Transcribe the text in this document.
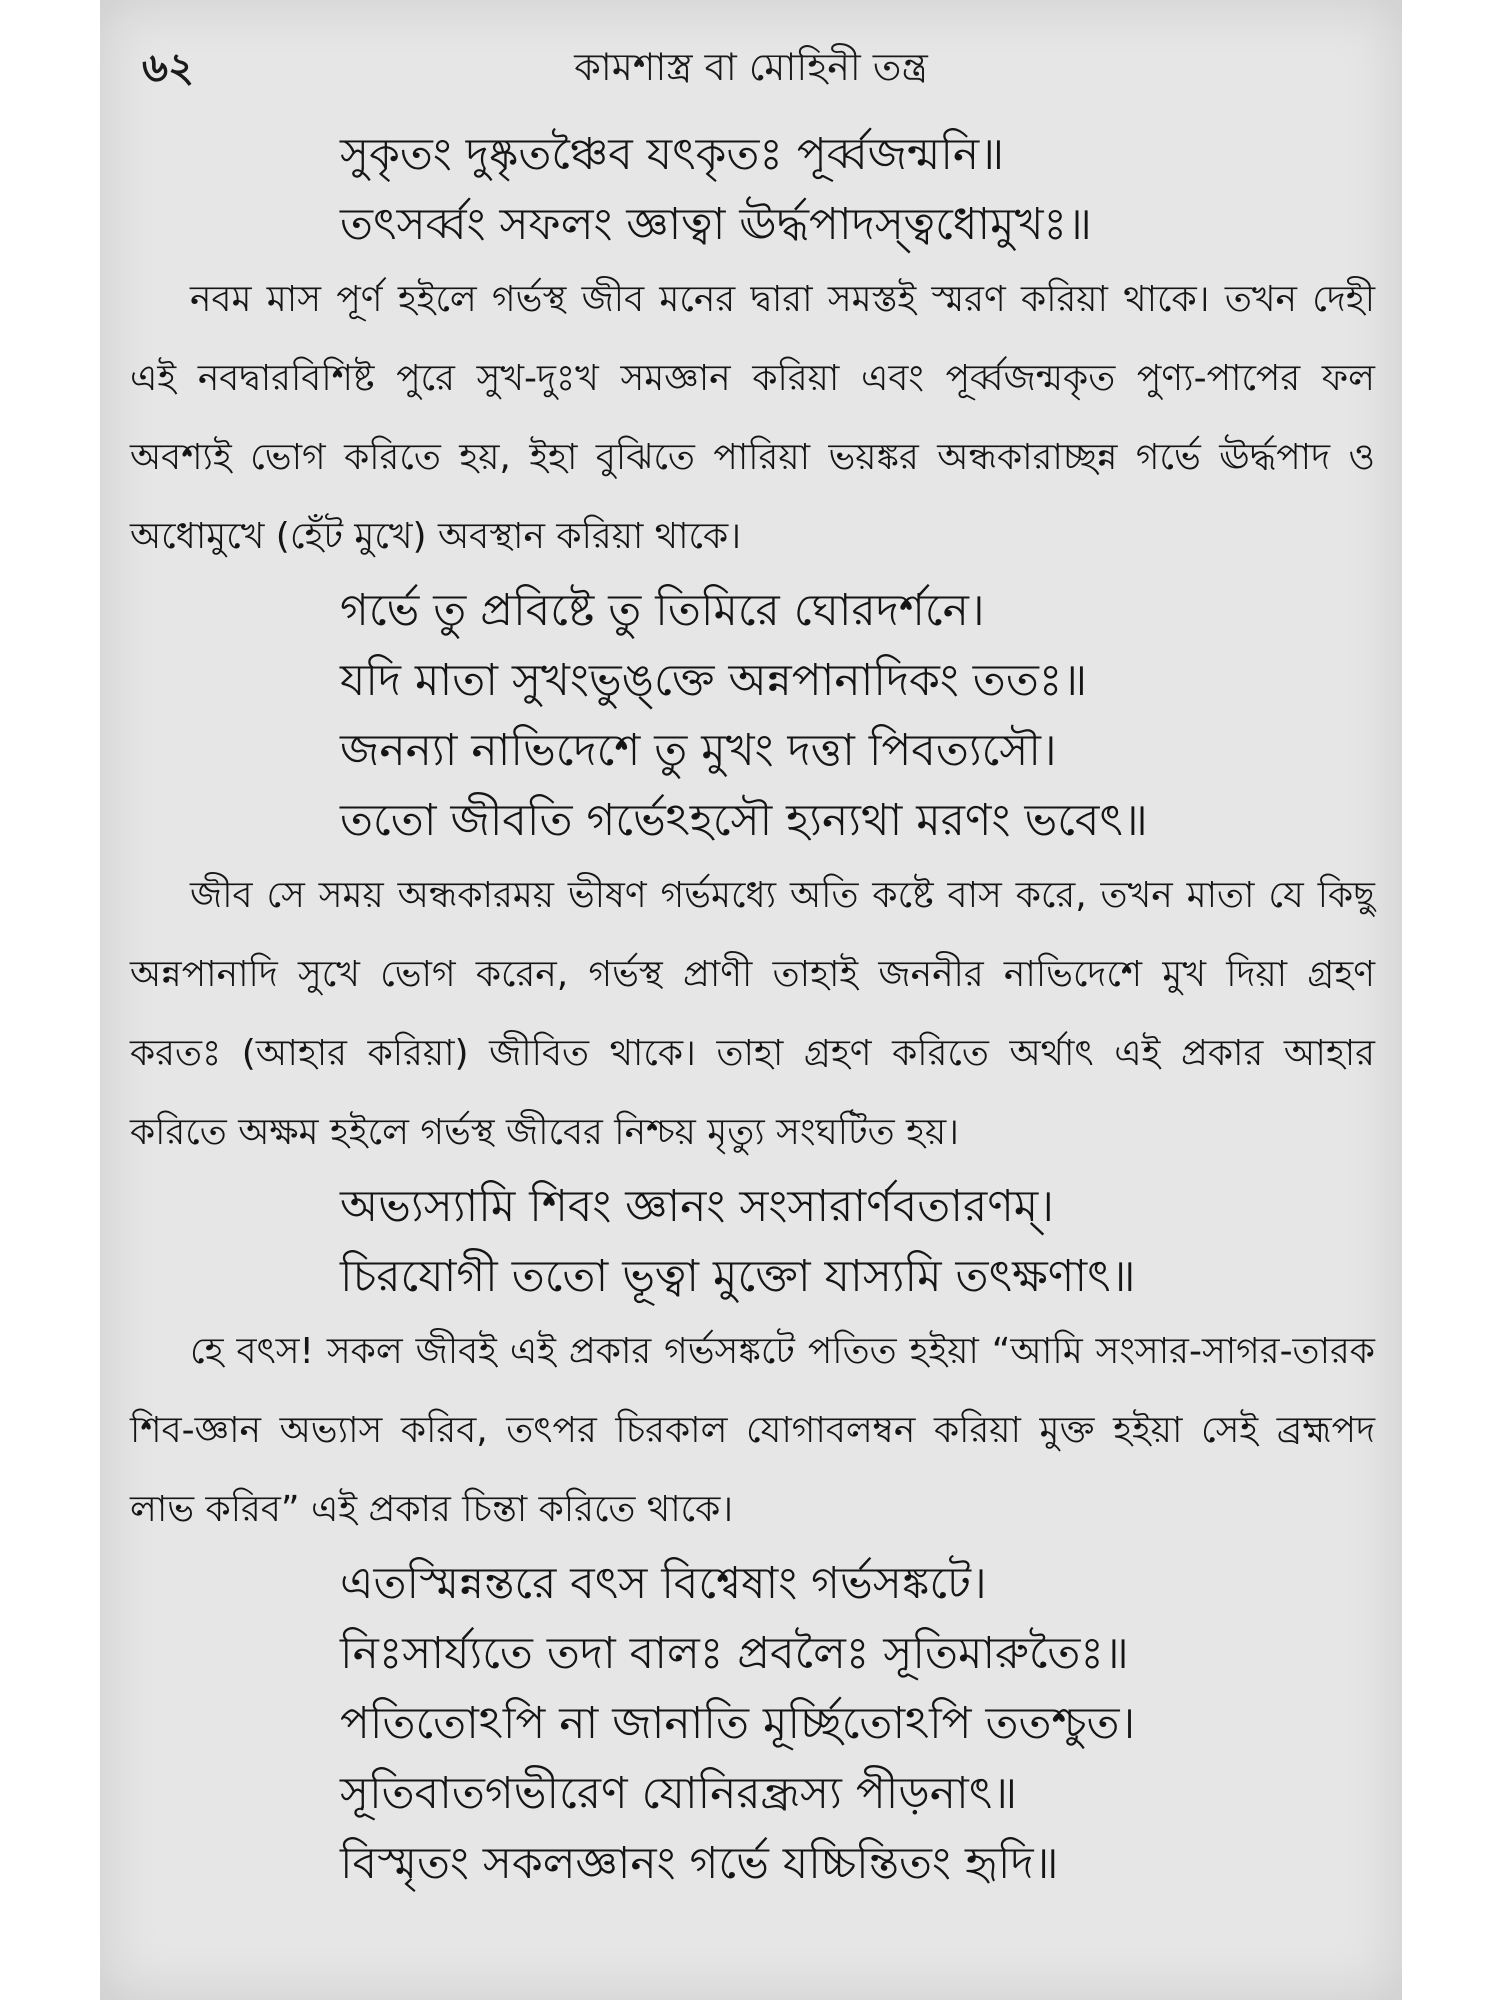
৬২	কামশাস্ত্র বা মোহিনী তন্ত্র
সুকৃতং দুষ্কৃতঞ্চৈব যৎকৃতঃ পূর্ব্বজন্মনি॥
তৎসর্ব্বং সফলং জ্ঞাত্বা ঊর্দ্ধপাদস্ত্বধোমুখঃ॥

নবম মাস পূর্ণ হইলে গর্ভস্থ জীব মনের দ্বারা সমস্তই স্মরণ করিয়া থাকে। তখন দেহী এই নবদ্বারবিশিষ্ট পুরে সুখ-দুঃখ সমজ্ঞান করিয়া এবং পূর্ব্বজন্মকৃত পুণ্য-পাপের ফল অবশ্যই ভোগ করিতে হয়, ইহা বুঝিতে পারিয়া ভয়ঙ্কর অন্ধকারাচ্ছন্ন গর্ভে ঊর্দ্ধপাদ ও অধোমুখে (হেঁট মুখে) অবস্থান করিয়া থাকে।

গর্ভে তু প্রবিষ্টে তু তিমিরে ঘোরদর্শনে।
যদি মাতা সুখংভুঙ্‌ক্তে অন্নপানাদিকং ততঃ॥
জনন্যা নাভিদেশে তু মুখং দত্তা পিবত্যসৌ।
ততো জীবতি গর্ভেঽহসৌ হ্যন্যথা মরণং ভবেৎ॥

জীব সে সময় অন্ধকারময় ভীষণ গর্ভমধ্যে অতি কষ্টে বাস করে, তখন মাতা যে কিছু অন্নপানাদি সুখে ভোগ করেন, গর্ভস্থ প্রাণী তাহাই জননীর নাভিদেশে মুখ দিয়া গ্রহণ করতঃ (আহার করিয়া) জীবিত থাকে। তাহা গ্রহণ করিতে অর্থাৎ এই প্রকার আহার করিতে অক্ষম হইলে গর্ভস্থ জীবের নিশ্চয় মৃত্যু সংঘটিত হয়।

অভ্যস্যামি শিবং জ্ঞানং সংসারার্ণবতারণম্।
চিরযোগী ততো ভূত্বা মুক্তো যাস্যমি তৎক্ষণাৎ॥

হে বৎস! সকল জীবই এই প্রকার গর্ভসঙ্কটে পতিত হইয়া “আমি সংসার-সাগর-তারক শিব-জ্ঞান অভ্যাস করিব, তৎপর চিরকাল যোগাবলম্বন করিয়া মুক্ত হইয়া সেই ব্রহ্মপদ লাভ করিব” এই প্রকার চিন্তা করিতে থাকে।

এতস্মিন্নন্তরে বৎস বিশ্বেষাং গর্ভসঙ্কটে।
নিঃসার্য্যতে তদা বালঃ প্রবলৈঃ সূতিমারুতৈঃ॥
পতিতোঽপি না জানাতি মূর্চ্ছিতোঽপি ততশ্চুত।
সূতিবাতগভীরেণ যোনিরন্ধ্রস্য পীড়নাৎ॥
বিস্মৃতং সকলজ্ঞানং গর্ভে যচ্চিন্তিতং হৃদি॥
